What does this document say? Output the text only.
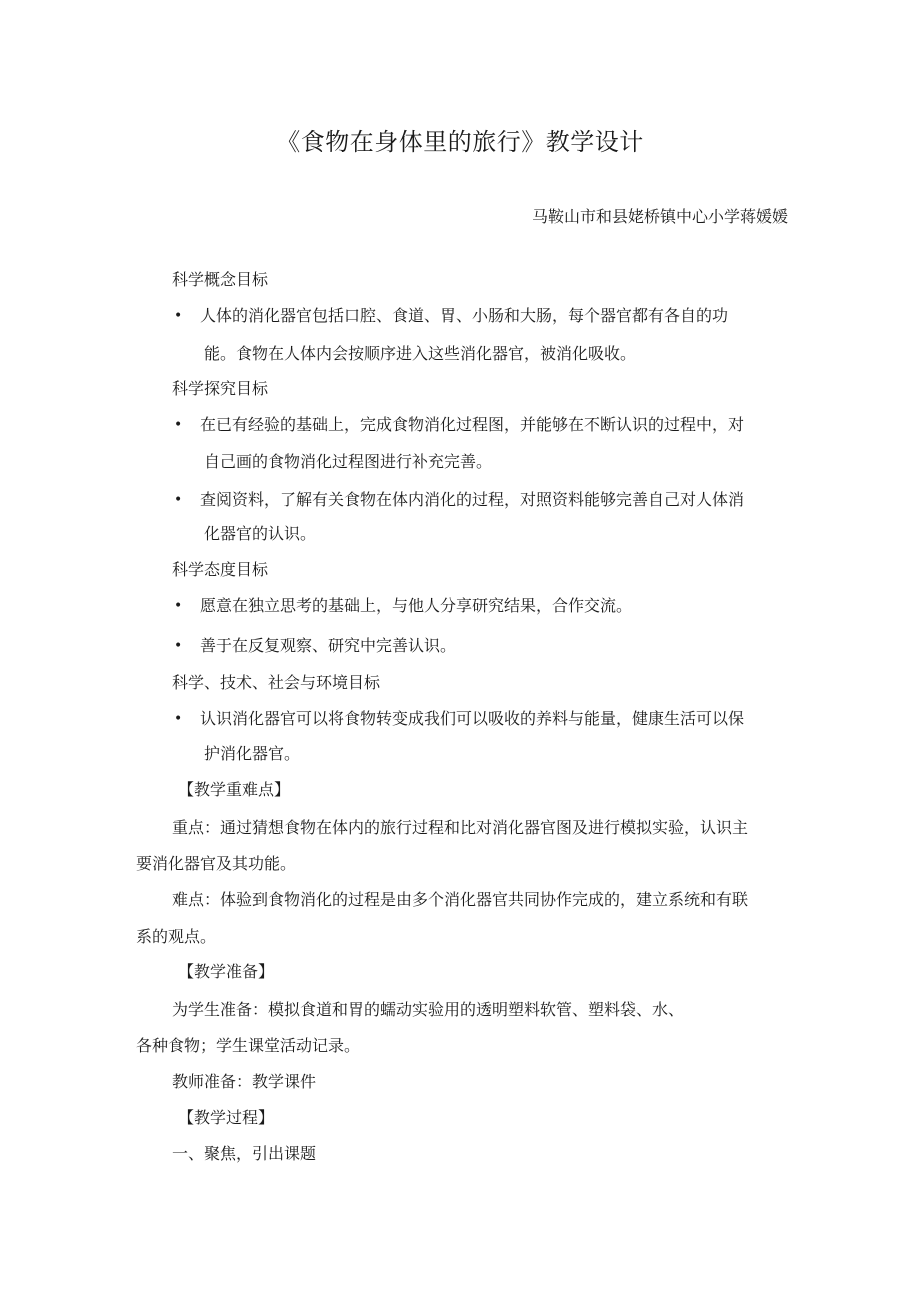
《食物在身体里的旅行》教学设计
马鞍山市和县姥桥镇中心小学蒋媛媛
科学概念目标
• 人体的消化器官包括口腔、食道、胃、小肠和大肠，每个器官都有各自的功
能。食物在人体内会按顺序进入这些消化器官，被消化吸收。
科学探究目标
• 在已有经验的基础上，完成食物消化过程图，并能够在不断认识的过程中，对
自己画的食物消化过程图进行补充完善。
• 查阅资料，了解有关食物在体内消化的过程，对照资料能够完善自己对人体消
化器官的认识。
科学态度目标
• 愿意在独立思考的基础上，与他人分享研究结果，合作交流。
• 善于在反复观察、研究中完善认识。
科学、技术、社会与环境目标
• 认识消化器官可以将食物转变成我们可以吸收的养料与能量，健康生活可以保
护消化器官。
【教学重难点】
重点：通过猜想食物在体内的旅行过程和比对消化器官图及进行模拟实验，认识主
要消化器官及其功能。
难点：体验到食物消化的过程是由多个消化器官共同协作完成的，建立系统和有联
系的观点。
【教学准备】
为学生准备：模拟食道和胃的蠕动实验用的透明塑料软管、塑料袋、水、
各种食物；学生课堂活动记录。
教师准备：教学课件
【教学过程】
一、聚焦，引出课题
